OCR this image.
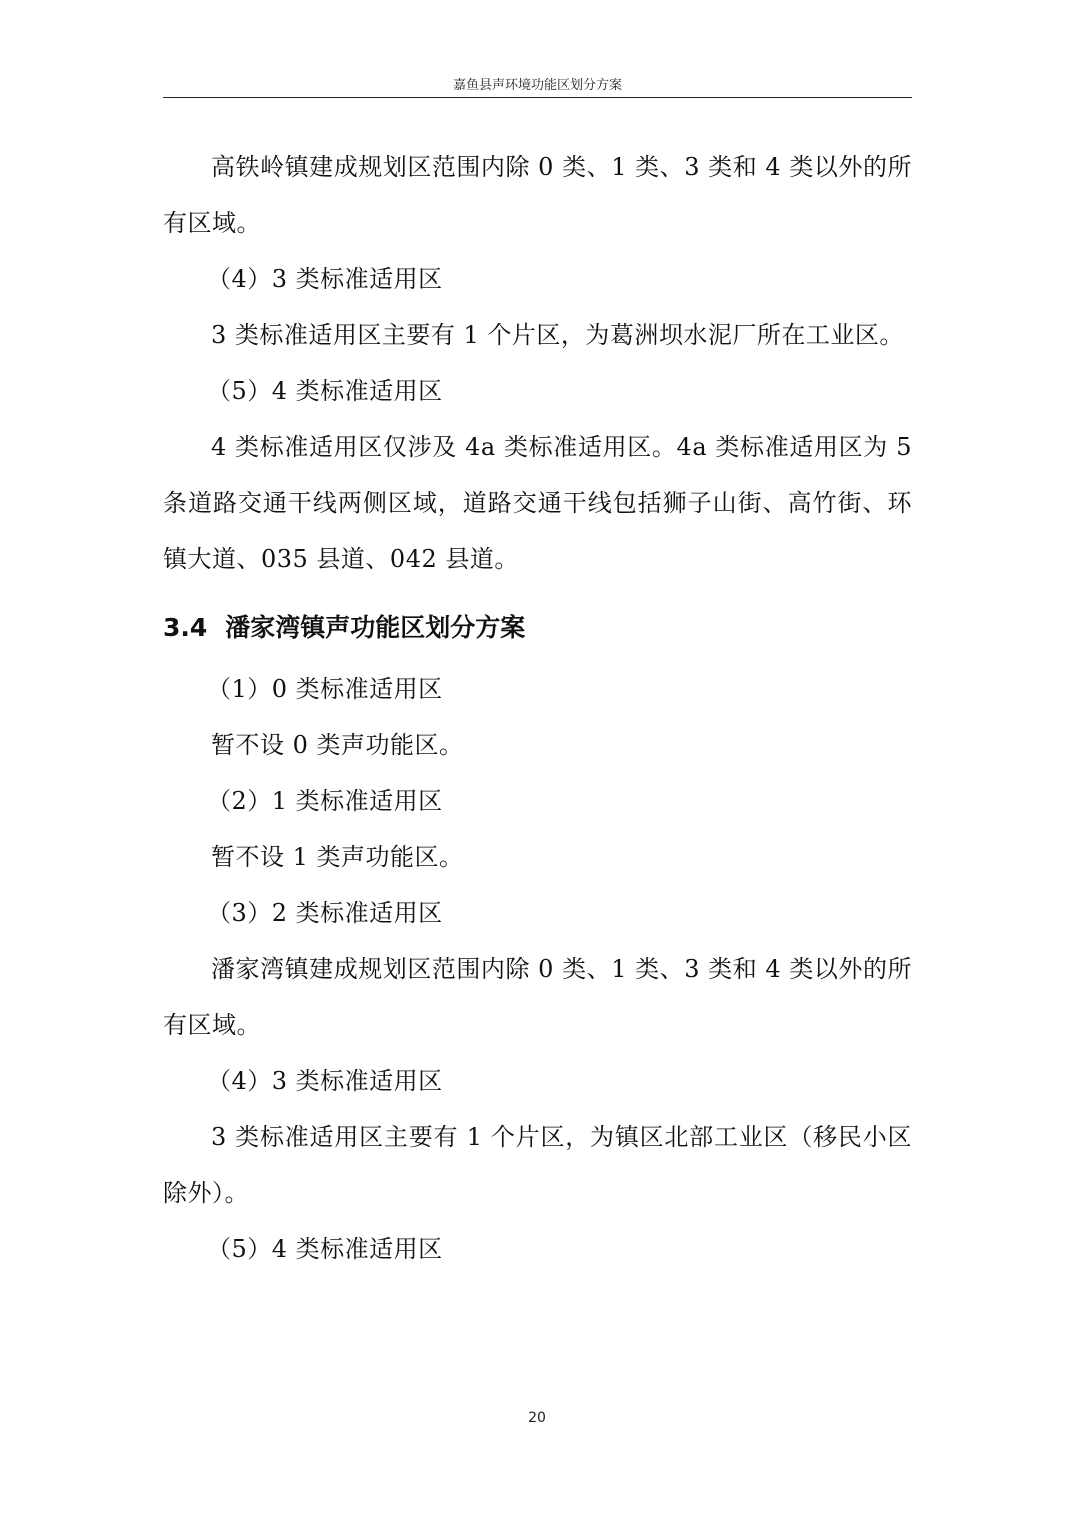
嘉鱼县声环境功能区划分方案

高铁岭镇建成规划区范围内除 0 类、1 类、3 类和 4 类以外的所有区域。

（4）3 类标准适用区

3 类标准适用区主要有 1 个片区，为葛洲坝水泥厂所在工业区。

（5）4 类标准适用区

4 类标准适用区仅涉及 4a 类标准适用区。4a 类标准适用区为 5 条道路交通干线两侧区域，道路交通干线包括狮子山街、高竹街、环镇大道、035 县道、042 县道。

3.4 潘家湾镇声功能区划分方案

（1）0 类标准适用区

暂不设 0 类声功能区。

（2）1 类标准适用区

暂不设 1 类声功能区。

（3）2 类标准适用区

潘家湾镇建成规划区范围内除 0 类、1 类、3 类和 4 类以外的所有区域。

（4）3 类标准适用区

3 类标准适用区主要有 1 个片区，为镇区北部工业区（移民小区除外）。

（5）4 类标准适用区

20
